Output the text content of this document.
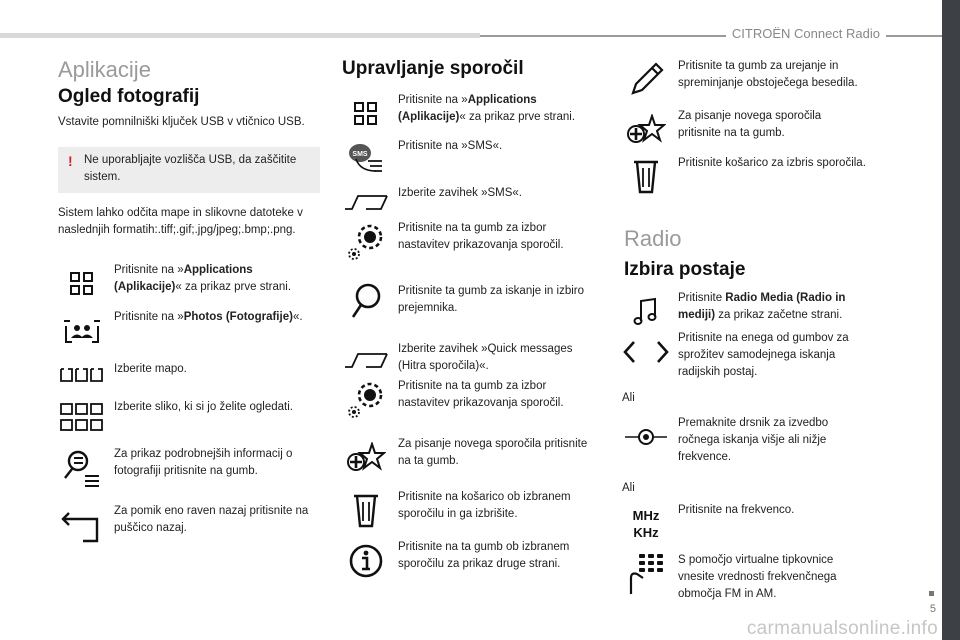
CITROËN Connect Radio
5
carmanualsonline.info
Aplikacije
Ogled fotografij
Vstavite pomnilniški ključek USB v vtičnico USB.
! Ne uporabljajte vozlišča USB, da zaščitite sistem.
Sistem lahko odčita mape in slikovne datoteke v naslednjih formatih:.tiff;.gif;.jpg/jpeg;.bmp;.png.
Pritisnite na »Applications (Aplikacije)« za prikaz prve strani.
Pritisnite na »Photos (Fotografije)«.
Izberite mapo.
Izberite sliko, ki si jo želite ogledati.
Za prikaz podrobnejših informacij o fotografiji pritisnite na gumb.
Za pomik eno raven nazaj pritisnite na puščico nazaj.
Upravljanje sporočil
Pritisnite na »Applications (Aplikacije)« za prikaz prve strani.
SMS
Pritisnite na »SMS«.
Izberite zavihek »SMS«.
Pritisnite na ta gumb za izbor nastavitev prikazovanja sporočil.
Pritisnite ta gumb za iskanje in izbiro prejemnika.
Izberite zavihek »Quick messages (Hitra sporočila)«.
Pritisnite na ta gumb za izbor nastavitev prikazovanja sporočil.
Za pisanje novega sporočila pritisnite na ta gumb.
Pritisnite na košarico ob izbranem sporočilu in ga izbrišite.
Pritisnite na ta gumb ob izbranem sporočilu za prikaz druge strani.
Pritisnite ta gumb za urejanje in spreminjanje obstoječega besedila.
Za pisanje novega sporočila pritisnite na ta gumb.
Pritisnite košarico za izbris sporočila.
Radio
Izbira postaje
Pritisnite Radio Media (Radio in mediji) za prikaz začetne strani.
Pritisnite na enega od gumbov za sprožitev samodejnega iskanja radijskih postaj.
Ali
Premaknite drsnik za izvedbo ročnega iskanja višje ali nižje frekvence.
Ali
MHz
KHz
Pritisnite na frekvenco.
S pomočjo virtualne tipkovnice vnesite vrednosti frekvenčnega območja FM in AM.
